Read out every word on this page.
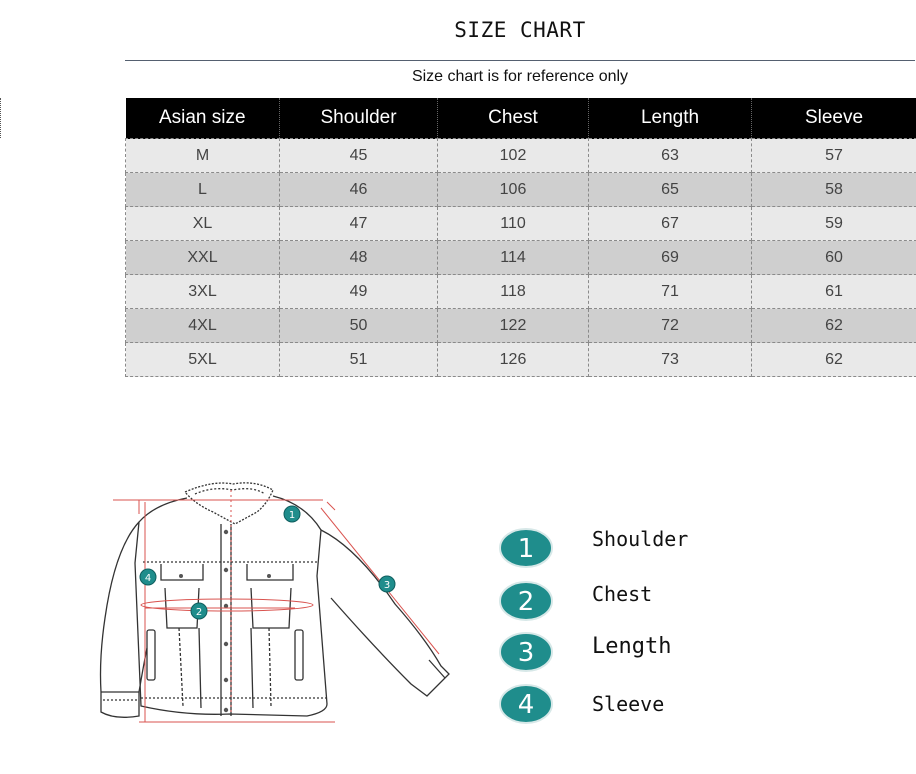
SIZE CHART
Size chart is for reference only
Asian size	Shoulder	Chest	Length	Sleeve
M	45	102	63	57
L	46	106	65	58
XL	47	110	67	59
XXL	48	114	69	60
3XL	49	118	71	61
4XL	50	122	72	62
5XL	51	126	73	62
1
2
3
4
1	Shoulder
2	Chest
3	Length
4	Sleeve
